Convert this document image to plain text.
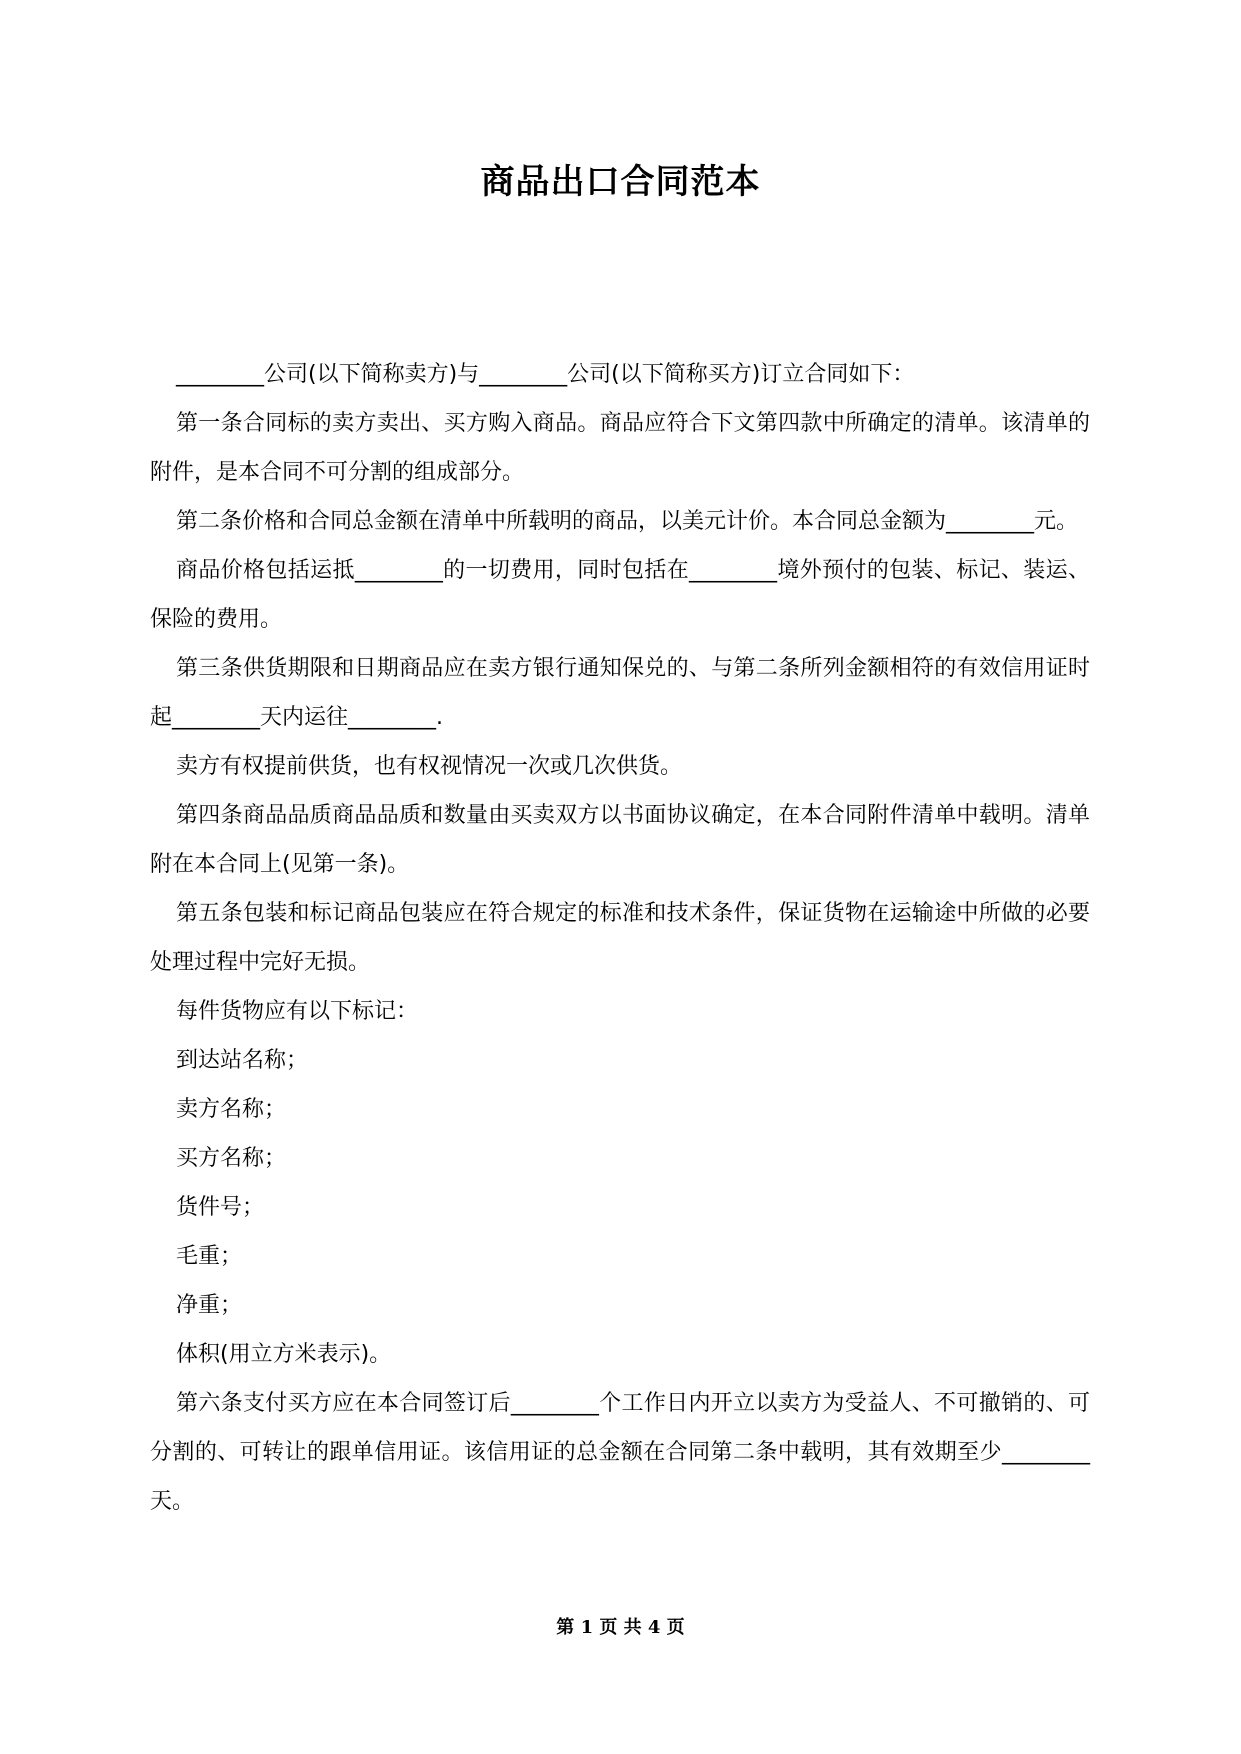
商品出口合同范本

________公司(以下简称卖方)与________公司(以下简称买方)订立合同如下：

第一条合同标的卖方卖出、买方购入商品。商品应符合下文第四款中所确定的清单。该清单的附件，是本合同不可分割的组成部分。

第二条价格和合同总金额在清单中所载明的商品，以美元计价。本合同总金额为________元。

商品价格包括运抵________的一切费用，同时包括在________境外预付的包装、标记、装运、保险的费用。

第三条供货期限和日期商品应在卖方银行通知保兑的、与第二条所列金额相符的有效信用证时起________天内运往________.

卖方有权提前供货，也有权视情况一次或几次供货。

第四条商品品质商品品质和数量由买卖双方以书面协议确定，在本合同附件清单中载明。清单附在本合同上(见第一条)。

第五条包装和标记商品包装应在符合规定的标准和技术条件，保证货物在运输途中所做的必要处理过程中完好无损。

每件货物应有以下标记：

到达站名称；

卖方名称；

买方名称；

货件号；

毛重；

净重；

体积(用立方米表示)。

第六条支付买方应在本合同签订后________个工作日内开立以卖方为受益人、不可撤销的、可分割的、可转让的跟单信用证。该信用证的总金额在合同第二条中载明，其有效期至少________天。

第 1 页 共 4 页
